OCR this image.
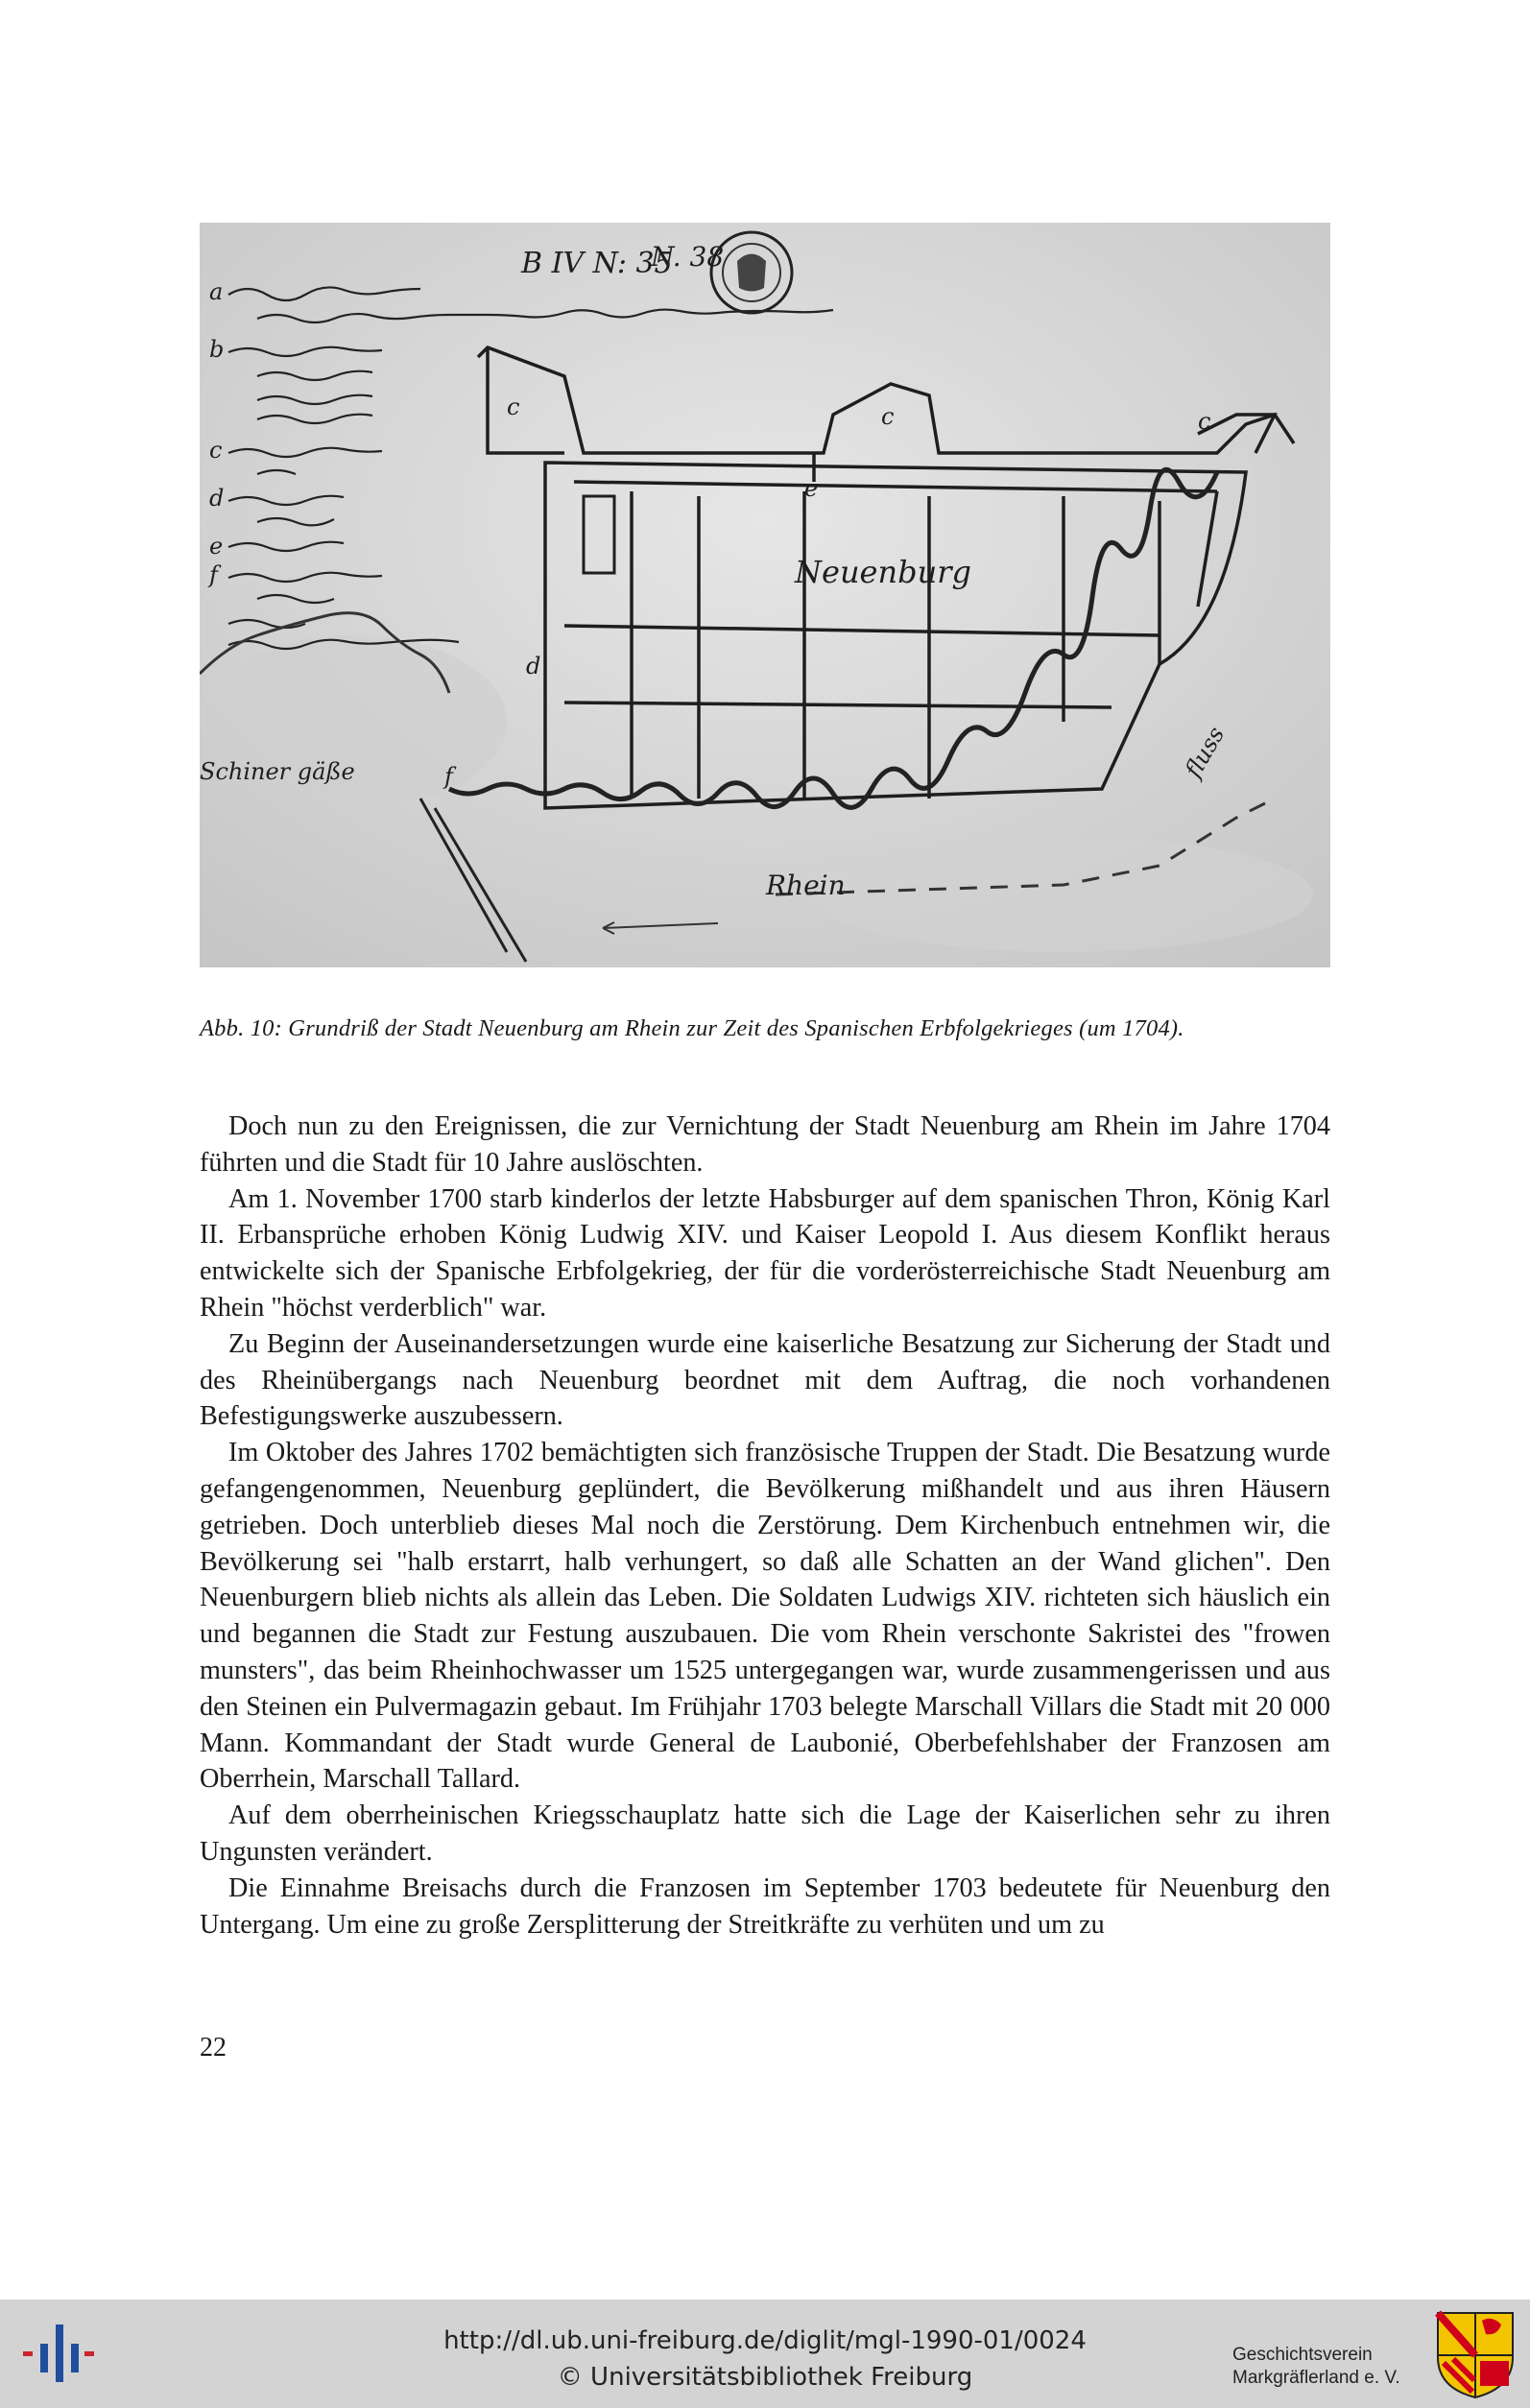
B IV N: 35
N. 38
Neuenburg
Rhein
fluss
Schiner gäße
a
b
c
c	c	c
d
d
e
e
f
f
Abb. 10: Grundriß der Stadt Neuenburg am Rhein zur Zeit des Spanischen Erbfolgekrieges (um 1704).

Doch nun zu den Ereignissen, die zur Vernichtung der Stadt Neuenburg am Rhein im Jahre 1704 führten und die Stadt für 10 Jahre auslöschten.

Am 1. November 1700 starb kinderlos der letzte Habsburger auf dem spanischen Thron, König Karl II. Erbansprüche erhoben König Ludwig XIV. und Kaiser Leopold I. Aus diesem Konflikt heraus entwickelte sich der Spanische Erbfolgekrieg, der für die vorderösterreichische Stadt Neuenburg am Rhein "höchst verderblich" war.

Zu Beginn der Auseinandersetzungen wurde eine kaiserliche Besatzung zur Sicherung der Stadt und des Rheinübergangs nach Neuenburg beordnet mit dem Auftrag, die noch vorhandenen Befestigungswerke auszubessern.

Im Oktober des Jahres 1702 bemächtigten sich französische Truppen der Stadt. Die Besatzung wurde gefangengenommen, Neuenburg geplündert, die Bevölkerung mißhandelt und aus ihren Häusern getrieben. Doch unterblieb dieses Mal noch die Zerstörung. Dem Kirchenbuch entnehmen wir, die Bevölkerung sei "halb erstarrt, halb verhungert, so daß alle Schatten an der Wand glichen". Den Neuenburgern blieb nichts als allein das Leben. Die Soldaten Ludwigs XIV. richteten sich häuslich ein und begannen die Stadt zur Festung auszubauen. Die vom Rhein verschonte Sakristei des "frowen munsters", das beim Rheinhochwasser um 1525 untergegangen war, wurde zusammengerissen und aus den Steinen ein Pulvermagazin gebaut. Im Frühjahr 1703 belegte Marschall Villars die Stadt mit 20 000 Mann. Kommandant der Stadt wurde General de Laubonié, Oberbefehlshaber der Franzosen am Oberrhein, Marschall Tallard.

Auf dem oberrheinischen Kriegsschauplatz hatte sich die Lage der Kaiserlichen sehr zu ihren Ungunsten verändert.

Die Einnahme Breisachs durch die Franzosen im September 1703 bedeutete für Neuenburg den Untergang. Um eine zu große Zersplitterung der Streitkräfte zu verhüten und um zu

22
http://dl.ub.uni-freiburg.de/diglit/mgl-1990-01/0024
© Universitätsbibliothek Freiburg
Geschichtsverein
Markgräflerland e. V.
